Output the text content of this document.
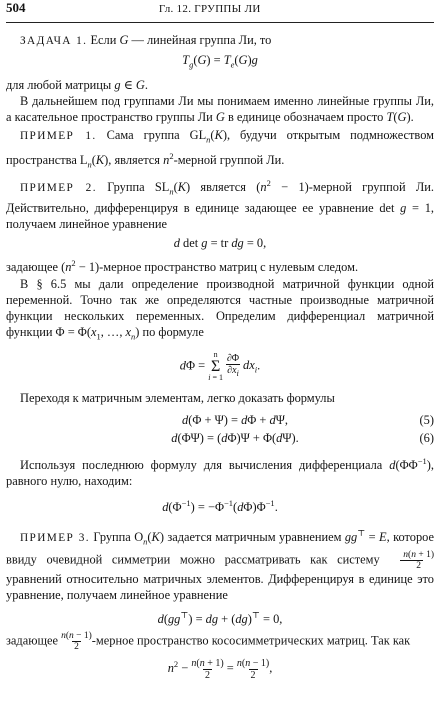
504	Гл. 12. ГРУППЫ ЛИ

ЗАДАЧА 1. Если G — линейная группа Ли, то

$T_g(G) = T_e(G)g$

для любой матрицы g ∈ G.

В дальнейшем под группами Ли мы понимаем именно линейные группы Ли, а касательное пространство группы Ли G в единице обозначаем просто T(G).

ПРИМЕР 1. Сама группа $GL_n(K)$, будучи открытым подмножеством пространства $L_n(K)$, является $n^2$-мерной группой Ли.

ПРИМЕР 2. Группа $SL_n(K)$ является ($n^2$ − 1)-мерной группой Ли. Действительно, дифференцируя в единице задающее ее уравнение det g = 1, получаем линейное уравнение

d det g = tr dg = 0,

задающее ($n^2$ − 1)-мерное пространство матриц с нулевым следом.

В § 6.5 мы дали определение производной матричной функции одной переменной. Точно так же определяются частные производные матричной функции нескольких переменных. Определим дифференциал матричной функции $\Phi = \Phi(x_1$, …, $x_n$) по формуле

dΦ = n
Σ
i = 1 ∂Φ
$\partial x_i$ $dx_i$.

Переходя к матричным элементам, легко доказать формулы

d(Φ + Ψ) = dΦ + dΨ,	(5)
d(ΦΨ) = (dΦ)Ψ + Φ(dΨ).	(6)

Используя последнюю формулу для вычисления дифференциала $d(\Phi\Phi^{-1})$, равного нулю, находим:

$d(\Phi^{-1}) = -\Phi^{-1}(d\Phi)\Phi^{-1}$.

ПРИМЕР 3. Группа $O_n(K)$ задается матричным уравнением gg⊤ = E, которое ввиду очевидной симметрии можно рассматривать как систему n(n + 1)
2 уравнений относительно матричных элементов. Дифференцируя в единице это уравнение, получаем линейное уравнение

d(gg⊤) = dg + (dg)⊤ = 0,

задающее n(n − 1)
2 -мерное пространство кососимметрических матриц. Так как

$n^2 - n(n + 1)$
2 = n(n − 1)
2,
